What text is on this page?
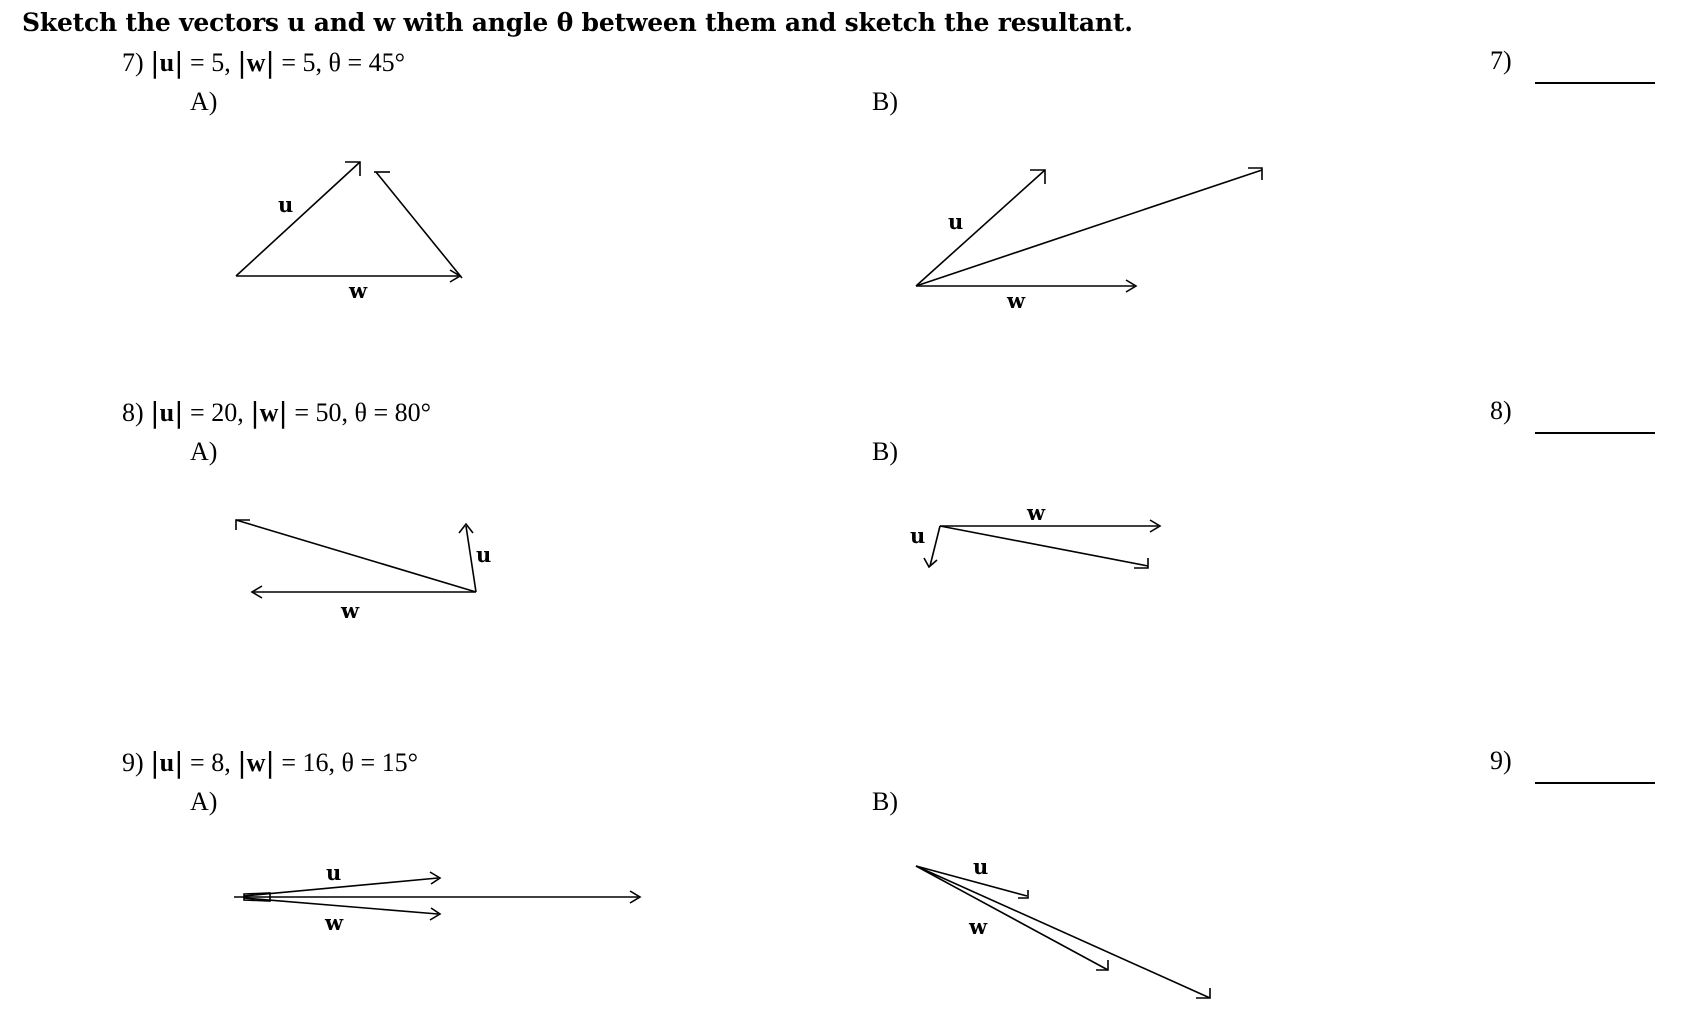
Sketch the vectors u and w with angle θ between them and sketch the resultant.
7) |u| = 5, |w| = 5, θ = 45°
A)	B)
7)
8) |u| = 20, |w| = 50, θ = 80°
A)	B)
8)
9) |u| = 8, |w| = 16, θ = 15°
A)	B)
9)
u
w
u
w
u
w
u
w
u
w
u
w
